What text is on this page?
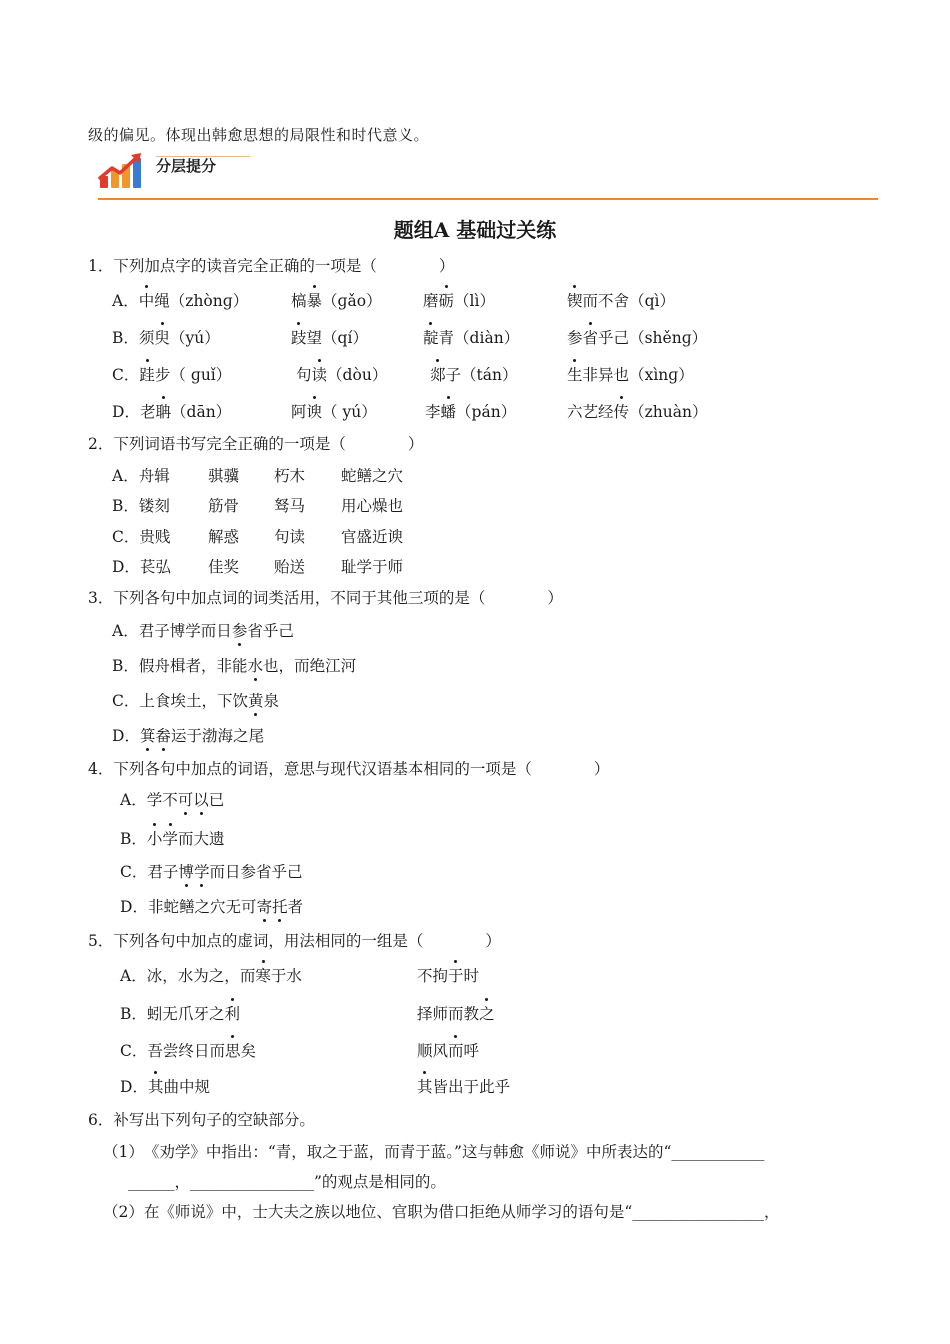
级的偏见。体现出韩愈思想的局限性和时代意义。
分层提分
题组A 基础过关练
1．下列加点字的读音完全正确的一项是（　　　　）
A．中绳（zhònɡ）	槁暴（ɡǎo）	磨砺（lì）	锲而不舍（qì）
B．须臾（yú）	跂望（qí）	靛青（diàn）	参省乎己（shěnɡ）
C．跬步（ ɡuǐ）	句读（dòu）	郯子（tán）	生非异也（xìnɡ）
D．老聃（dān）	阿谀（ yú）	李蟠（pán）	六艺经传（zhuàn）
2．下列词语书写完全正确的一项是（　　　　）
A．舟辑 骐骥 朽木 蛇鳝之穴
B．镂刻 筋骨 驽马 用心燥也
C．贵贱 解惑 句读 官盛近谀
D．苌弘 佳奖 贻送 耻学于师
3．下列各句中加点词的词类活用，不同于其他三项的是（　　　　）
A．君子博学而日参省乎己
B．假舟楫者，非能水也，而绝江河
C．上食埃土，下饮黄泉
D．箕畚运于渤海之尾
4．下列各句中加点的词语，意思与现代汉语基本相同的一项是（　　　　）
A．学不可以已
B．小学而大遗
C．君子博学而日参省乎己
D．非蛇鳝之穴无可寄托者
5．下列各句中加点的虚词，用法相同的一组是（　　　　）
A．冰，水为之，而寒于水	不拘于时
B．蚓无爪牙之利	择师而教之
C．吾尝终日而思矣	顺风而呼
D．其曲中规	其皆出于此乎
6．补写出下列句子的空缺部分。
（1）　《劝学》中指出：“青，取之于蓝，而青于蓝。”这与韩愈《师说》中所表达的“____________
______，________________”的观点是相同的。
（2）在《师说》中，士大夫之族以地位、官职为借口拒绝从师学习的语句是“_________________，
